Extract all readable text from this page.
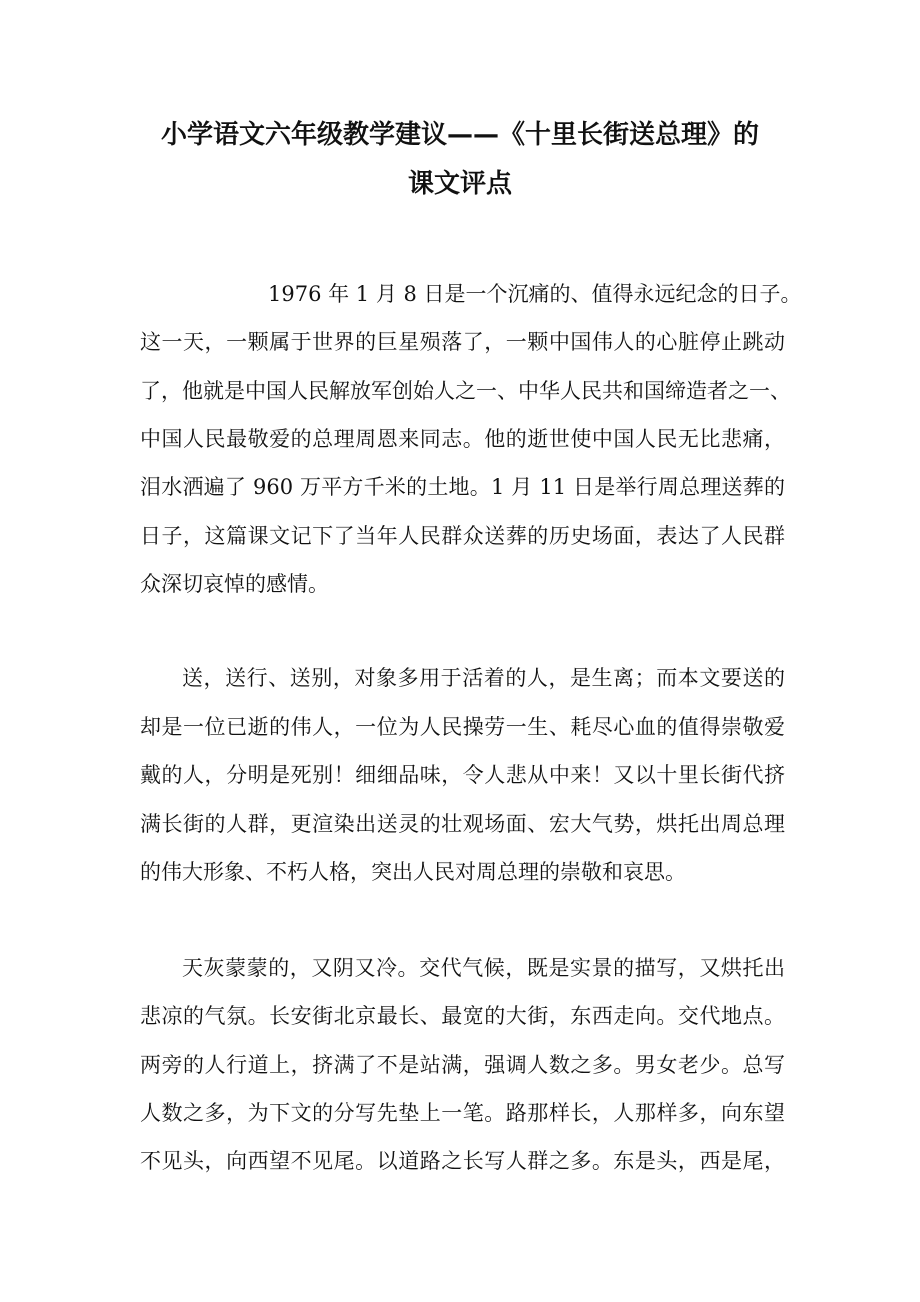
小学语文六年级教学建议——《十里长街送总理》的
课文评点
1976 年 1 月 8 日是一个沉痛的、值得永远纪念的日子。
这一天，一颗属于世界的巨星殒落了，一颗中国伟人的心脏停止跳动
了，他就是中国人民解放军创始人之一、中华人民共和国缔造者之一、
中国人民最敬爱的总理周恩来同志。他的逝世使中国人民无比悲痛，
泪水洒遍了 960 万平方千米的土地。1 月 11 日是举行周总理送葬的
日子，这篇课文记下了当年人民群众送葬的历史场面，表达了人民群
众深切哀悼的感情。
送，送行、送别，对象多用于活着的人，是生离；而本文要送的
却是一位已逝的伟人，一位为人民操劳一生、耗尽心血的值得崇敬爱
戴的人，分明是死别！细细品味，令人悲从中来！又以十里长街代挤
满长街的人群，更渲染出送灵的壮观场面、宏大气势，烘托出周总理
的伟大形象、不朽人格，突出人民对周总理的崇敬和哀思。
天灰蒙蒙的，又阴又冷。交代气候，既是实景的描写，又烘托出
悲凉的气氛。长安街北京最长、最宽的大街，东西走向。交代地点。
两旁的人行道上，挤满了不是站满，强调人数之多。男女老少。总写
人数之多，为下文的分写先垫上一笔。路那样长，人那样多，向东望
不见头，向西望不见尾。以道路之长写人群之多。东是头，西是尾，
